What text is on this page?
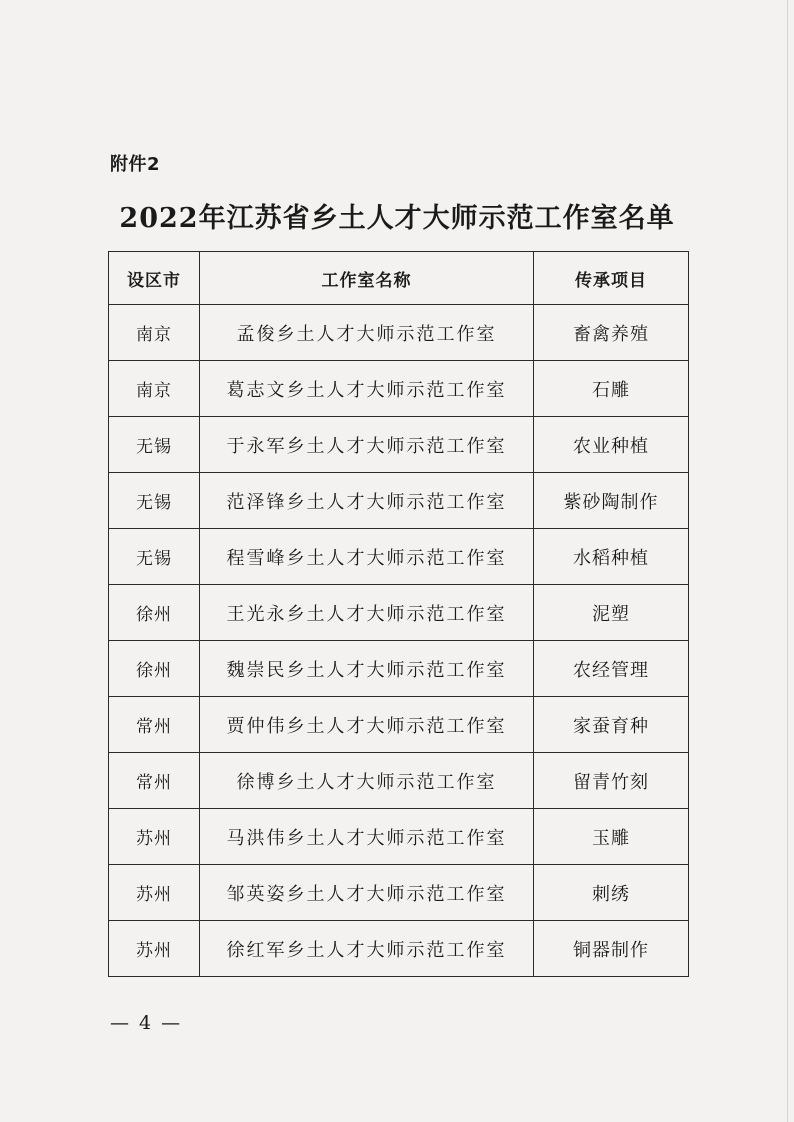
附件2
2022年江苏省乡土人才大师示范工作室名单
设区市	工作室名称	传承项目
南京	孟俊乡土人才大师示范工作室	畜禽养殖
南京	葛志文乡土人才大师示范工作室	石雕
无锡	于永军乡土人才大师示范工作室	农业种植
无锡	范泽锋乡土人才大师示范工作室	紫砂陶制作
无锡	程雪峰乡土人才大师示范工作室	水稻种植
徐州	王光永乡土人才大师示范工作室	泥塑
徐州	魏崇民乡土人才大师示范工作室	农经管理
常州	贾仲伟乡土人才大师示范工作室	家蚕育种
常州	徐博乡土人才大师示范工作室	留青竹刻
苏州	马洪伟乡土人才大师示范工作室	玉雕
苏州	邹英姿乡土人才大师示范工作室	刺绣
苏州	徐红军乡土人才大师示范工作室	铜器制作
— 4 —
